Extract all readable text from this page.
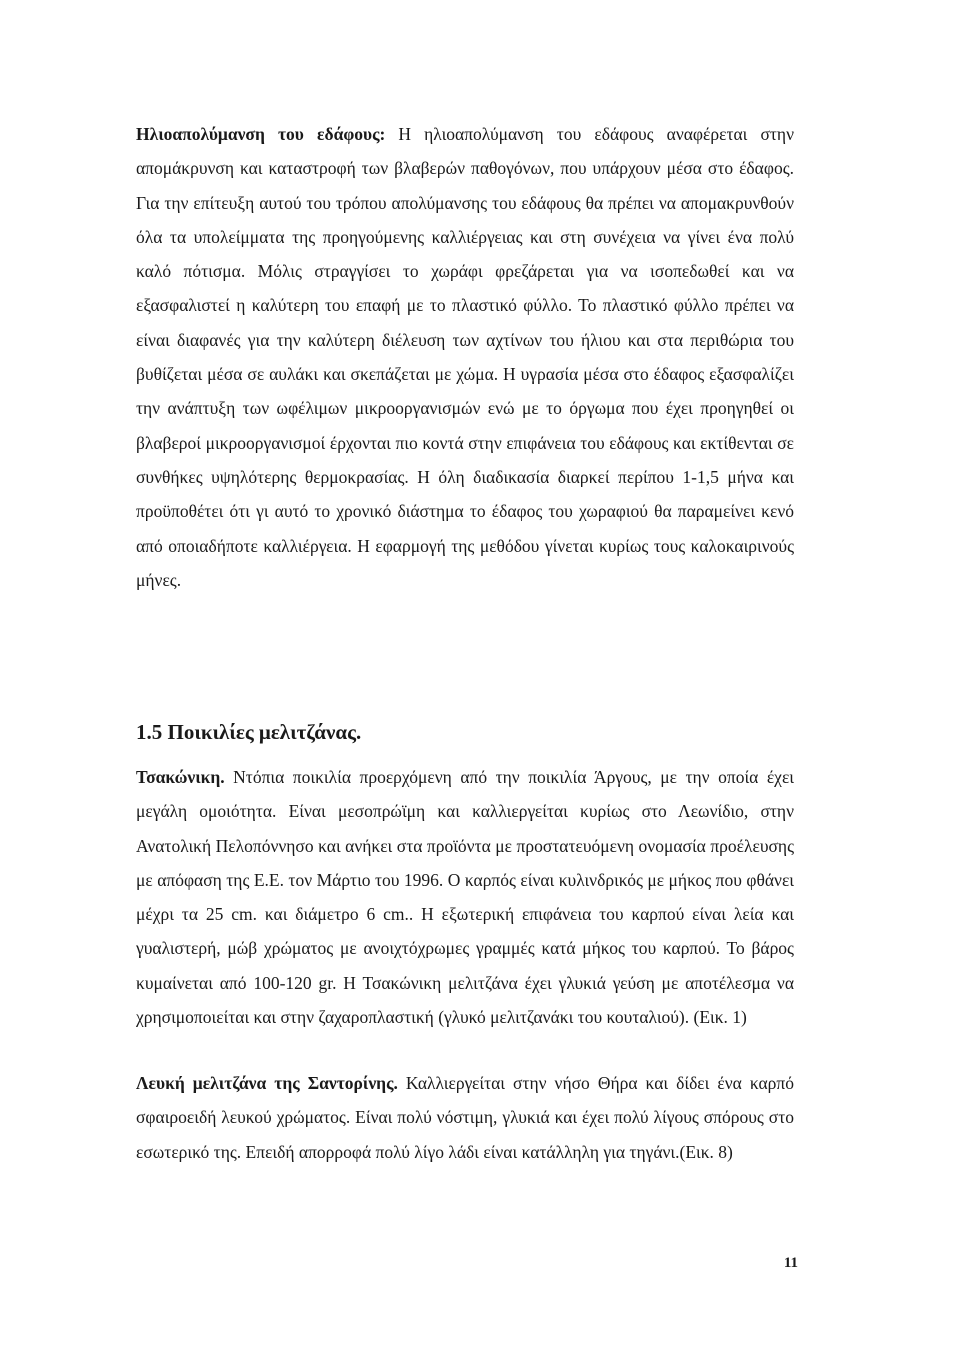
Ηλιοαπολύμανση του εδάφους: Η ηλιοαπολύμανση του εδάφους αναφέρεται στην απομάκρυνση και καταστροφή των βλαβερών παθογόνων, που υπάρχουν μέσα στο έδαφος. Για την επίτευξη αυτού του τρόπου απολύμανσης του εδάφους θα πρέπει να απομακρυνθούν όλα τα υπολείμματα της προηγούμενης καλλιέργειας και στη συνέχεια να γίνει ένα πολύ καλό πότισμα. Μόλις στραγγίσει το χωράφι φρεζάρεται για να ισοπεδωθεί και να εξασφαλιστεί η καλύτερη του επαφή με το πλαστικό φύλλο. Το πλαστικό φύλλο πρέπει να είναι διαφανές για την καλύτερη διέλευση των αχτίνων του ήλιου και στα περιθώρια του βυθίζεται μέσα σε αυλάκι και σκεπάζεται με χώμα. Η υγρασία μέσα στο έδαφος εξασφαλίζει την ανάπτυξη των ωφέλιμων μικροοργανισμών ενώ με το όργωμα που έχει προηγηθεί οι βλαβεροί μικροοργανισμοί έρχονται πιο κοντά στην επιφάνεια του εδάφους και εκτίθενται σε συνθήκες υψηλότερης θερμοκρασίας. Η όλη διαδικασία διαρκεί περίπου 1-1,5 μήνα και προϋποθέτει ότι γι αυτό το χρονικό διάστημα το έδαφος του χωραφιού θα παραμείνει κενό από οποιαδήποτε καλλιέργεια. Η εφαρμογή της μεθόδου γίνεται κυρίως τους καλοκαιρινούς μήνες.

1.5 Ποικιλίες μελιτζάνας.

Τσακώνικη. Ντόπια ποικιλία προερχόμενη από την ποικιλία Άργους, με την οποία έχει μεγάλη ομοιότητα. Είναι μεσοπρώϊμη και καλλιεργείται κυρίως στο Λεωνίδιο, στην Ανατολική Πελοπόννησο και ανήκει στα προϊόντα με προστατευόμενη ονομασία προέλευσης με απόφαση της Ε.Ε. τον Μάρτιο του 1996. Ο καρπός είναι κυλινδρικός με μήκος που φθάνει μέχρι τα 25 cm. και διάμετρο 6 cm.. Η εξωτερική επιφάνεια του καρπού είναι λεία και γυαλιστερή, μώβ χρώματος με ανοιχτόχρωμες γραμμές κατά μήκος του καρπού. Το βάρος κυμαίνεται από 100-120 gr. Η Τσακώνικη μελιτζάνα έχει γλυκιά γεύση με αποτέλεσμα να χρησιμοποιείται και στην ζαχαροπλαστική (γλυκό μελιτζανάκι του κουταλιού). (Εικ. 1)

Λευκή μελιτζάνα της Σαντορίνης. Καλλιεργείται στην νήσο Θήρα και δίδει ένα καρπό σφαιροειδή λευκού χρώματος. Είναι πολύ νόστιμη, γλυκιά και έχει πολύ λίγους σπόρους στο εσωτερικό της. Επειδή απορροφά πολύ λίγο λάδι είναι κατάλληλη για τηγάνι.(Εικ. 8)

11
